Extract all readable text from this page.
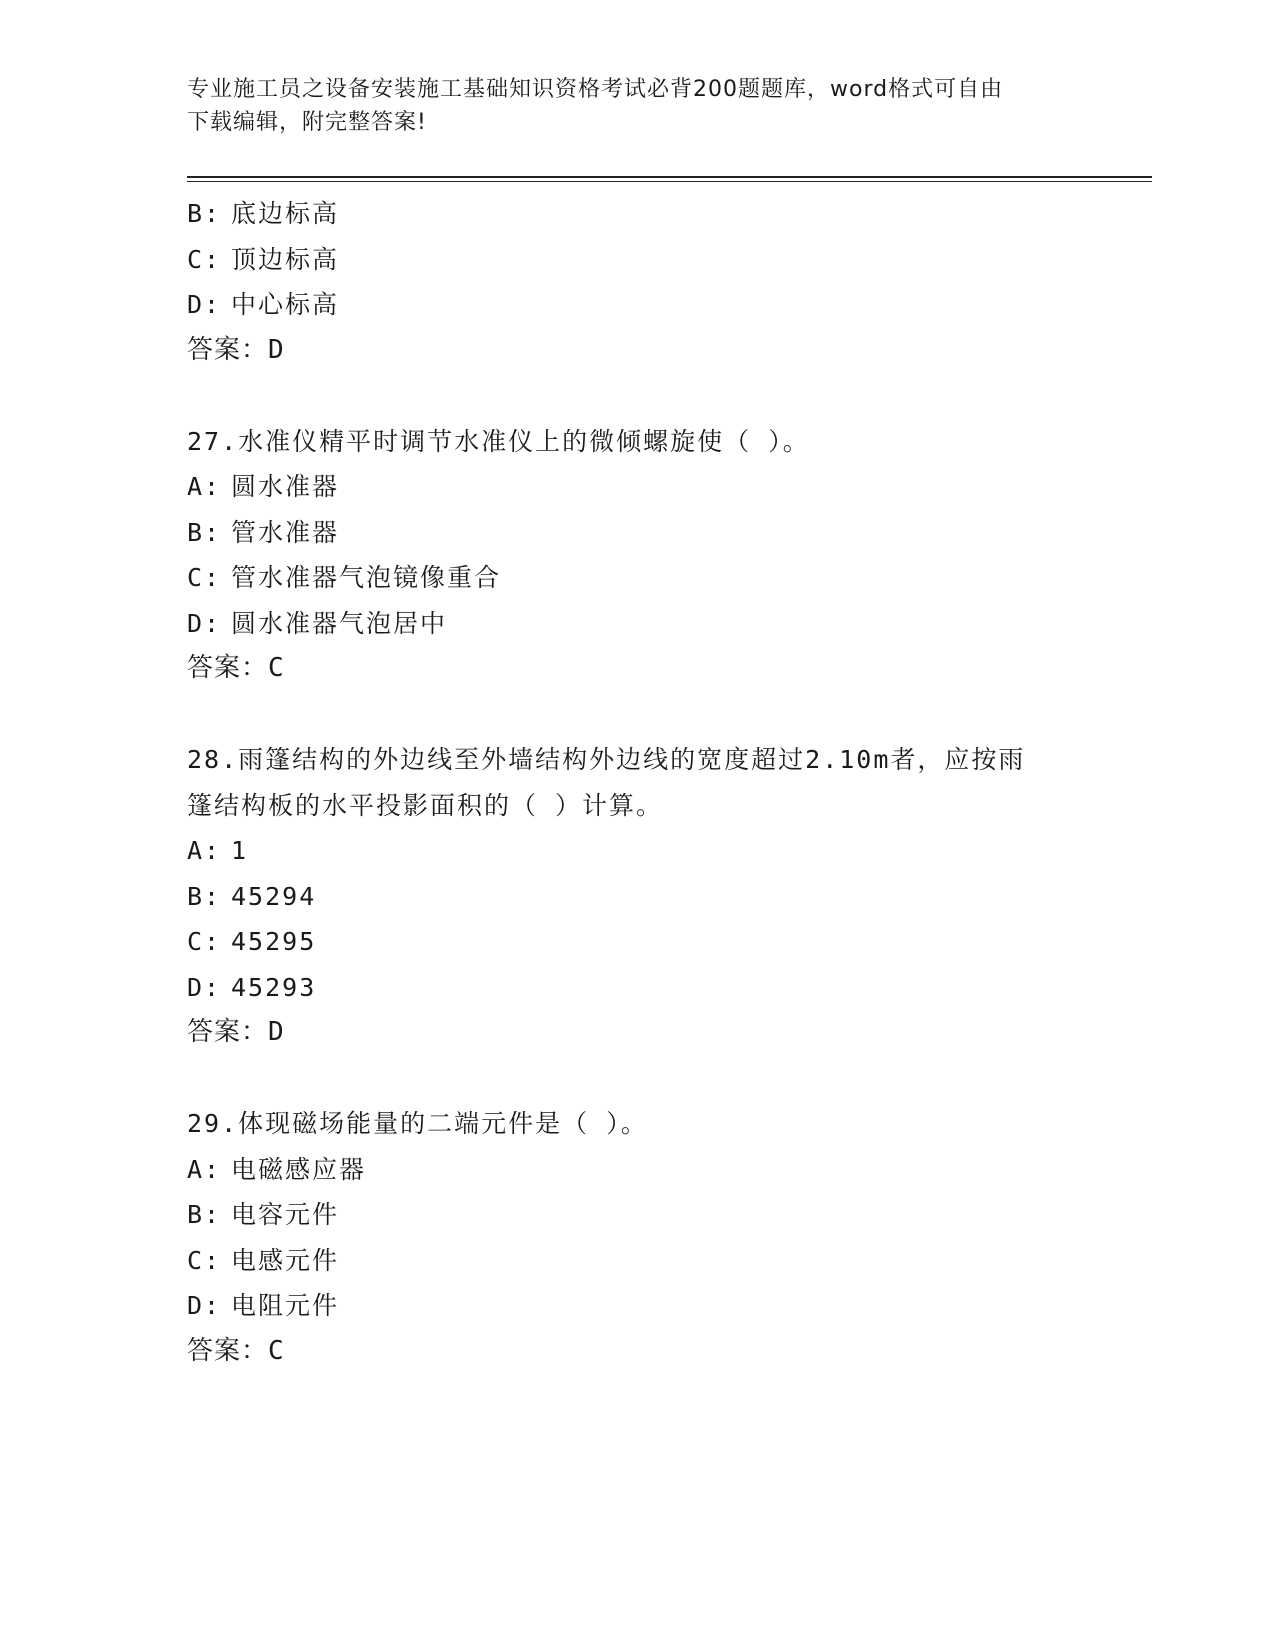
专业施工员之设备安装施工基础知识资格考试必背200题题库，word格式可自由
下载编辑，附完整答案!
B: 底边标高
C: 顶边标高
D: 中心标高
答案：D
27.水准仪精平时调节水准仪上的微倾螺旋使（ ）。
A: 圆水准器
B: 管水准器
C: 管水准器气泡镜像重合
D: 圆水准器气泡居中
答案：C
28.雨篷结构的外边线至外墙结构外边线的宽度超过2.10m者，应按雨
篷结构板的水平投影面积的（ ）计算。
A: 1
B: 45294
C: 45295
D: 45293
答案：D
29.体现磁场能量的二端元件是（ ）。
A: 电磁感应器
B: 电容元件
C: 电感元件
D: 电阻元件
答案：C
